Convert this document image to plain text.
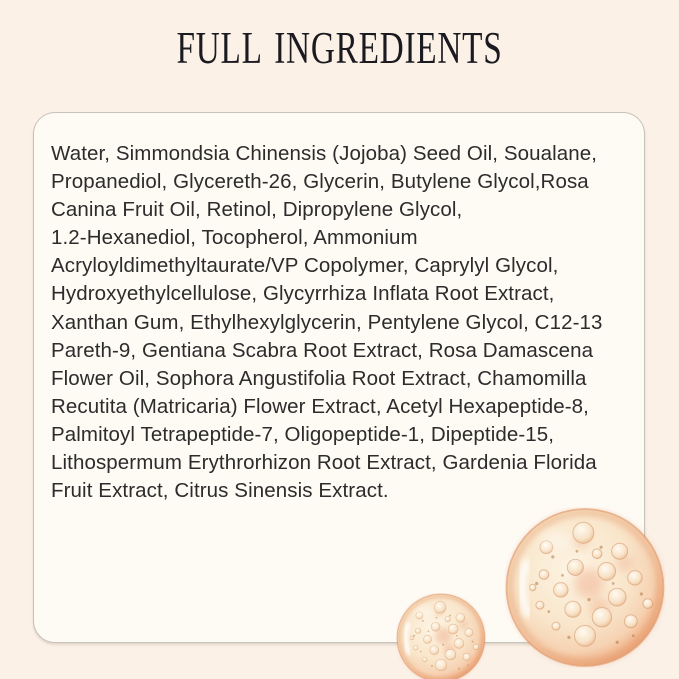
FULL INGREDIENTS
Water, Simmondsia Chinensis (Jojoba) Seed Oil, Soualane,
Propanediol, Glycereth-26, Glycerin, Butylene Glycol,Rosa
Canina Fruit Oil, Retinol, Dipropylene Glycol,
1.2-Hexanediol, Tocopherol, Ammonium
Acryloyldimethyltaurate/VP Copolymer, Caprylyl Glycol,
Hydroxyethylcellulose, Glycyrrhiza Inflata Root Extract,
Xanthan Gum, Ethylhexylglycerin, Pentylene Glycol, C12-13
Pareth-9, Gentiana Scabra Root Extract, Rosa Damascena
Flower Oil, Sophora Angustifolia Root Extract, Chamomilla
Recutita (Matricaria) Flower Extract, Acetyl Hexapeptide-8,
Palmitoyl Tetrapeptide-7, Oligopeptide-1, Dipeptide-15,
Lithospermum Erythrorhizon Root Extract, Gardenia Florida
Fruit Extract, Citrus Sinensis Extract.
